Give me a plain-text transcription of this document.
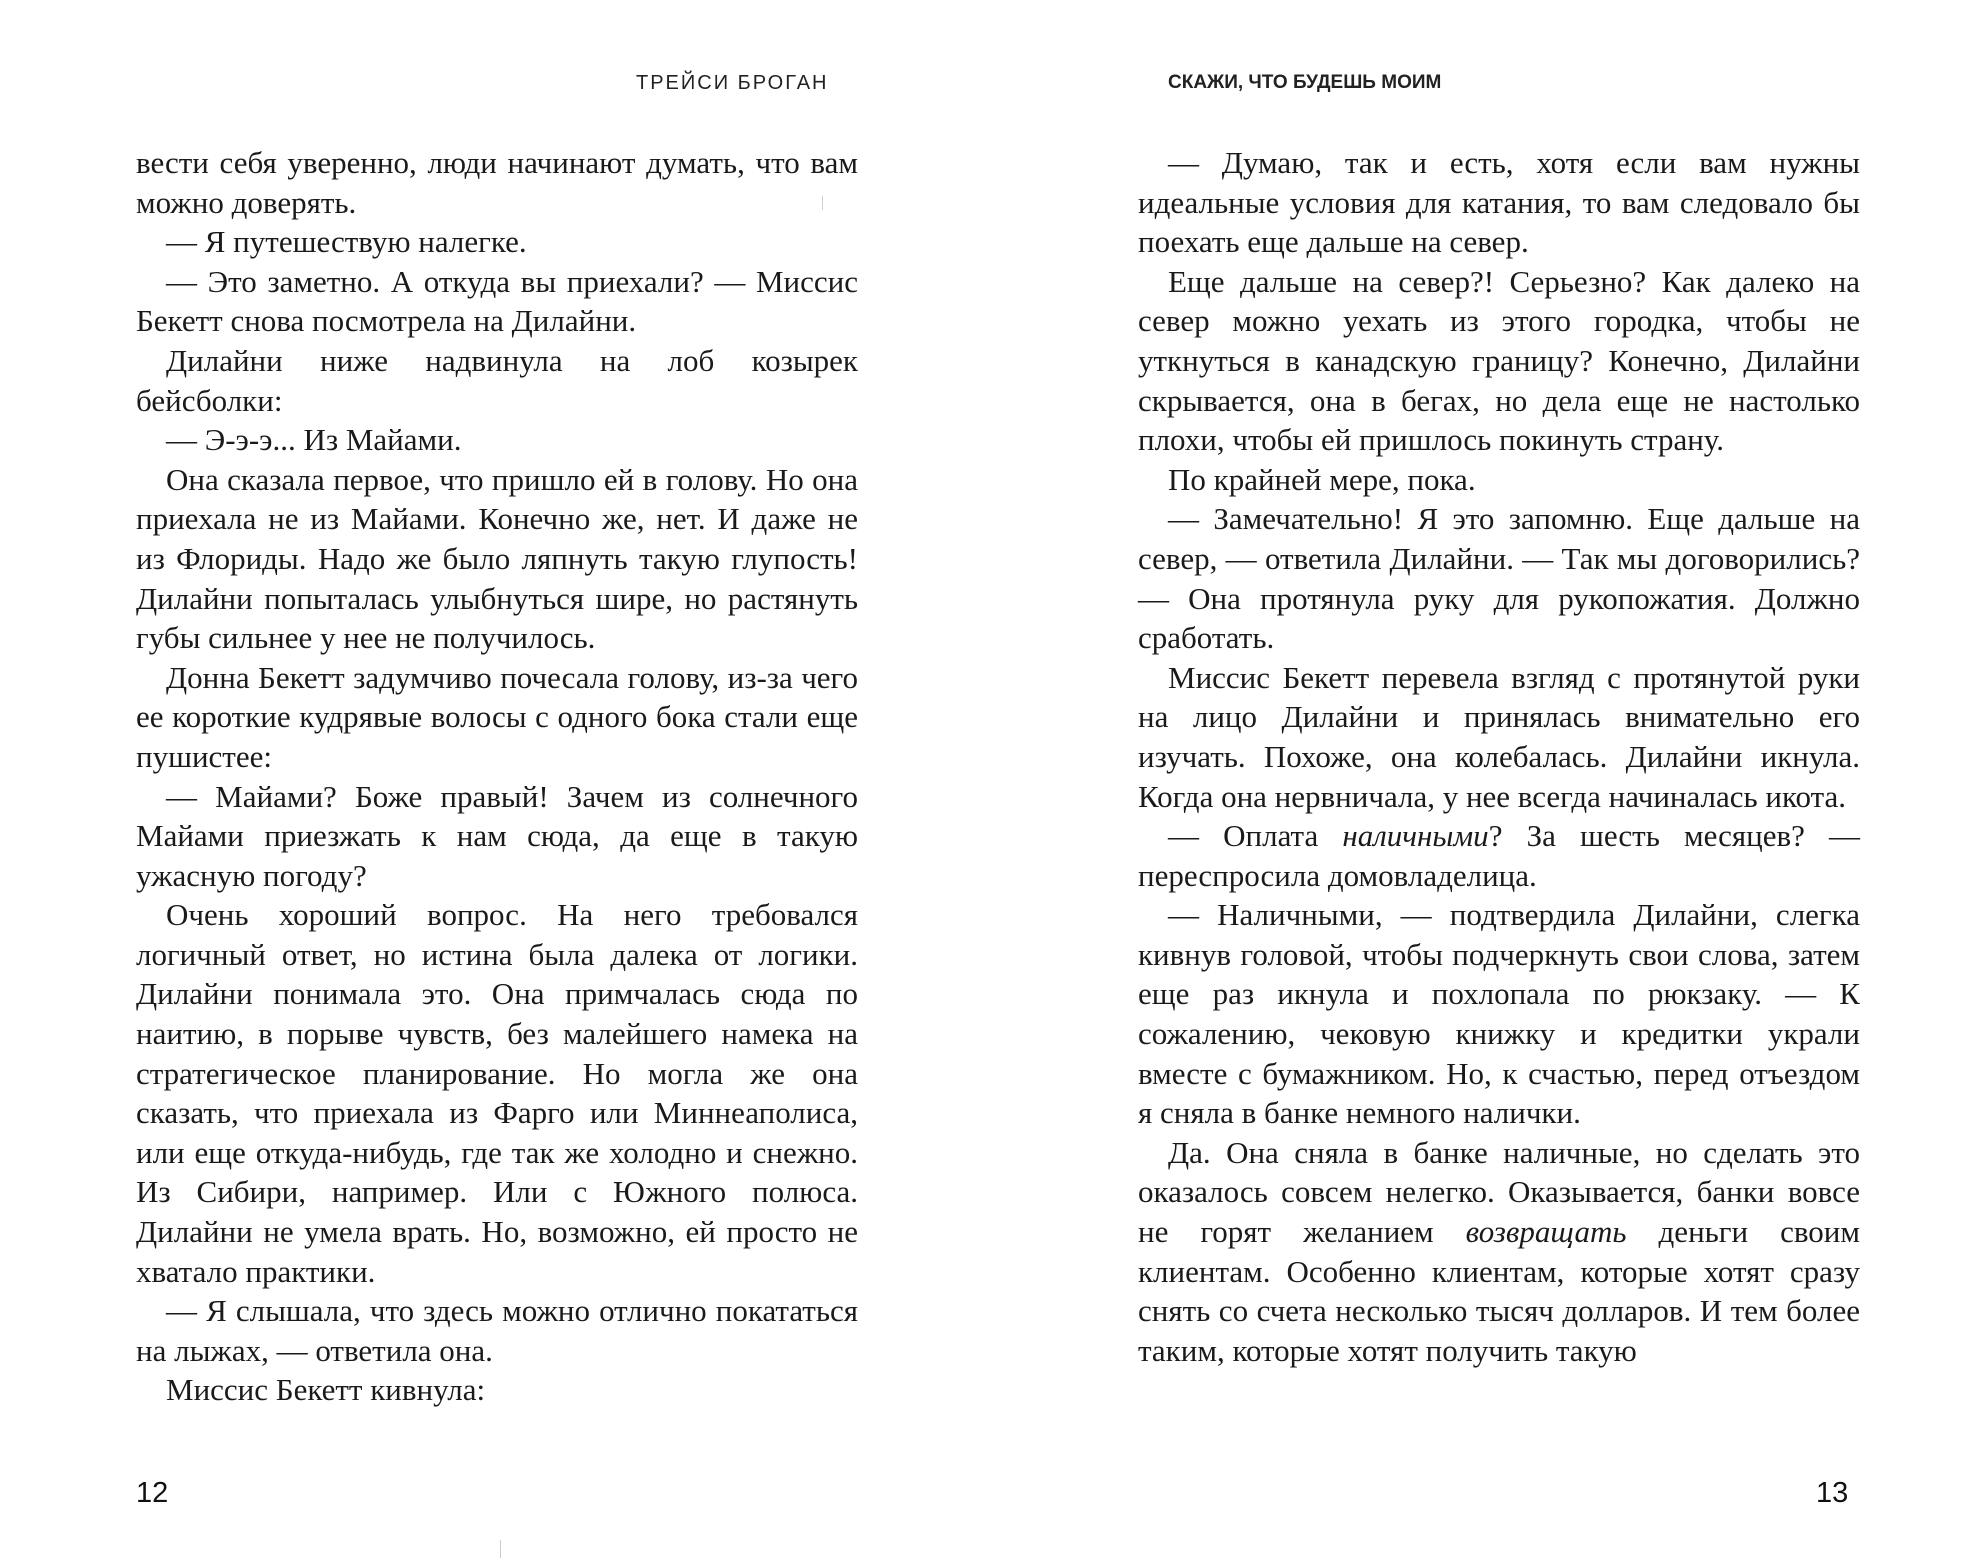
ТРЕЙСИ БРОГАН

вести себя уверенно, люди начинают думать, что вам можно доверять.

— Я путешествую налегке.

— Это заметно. А откуда вы приехали? — Миссис Бекетт снова посмотрела на Дилайни.

Дилайни ниже надвинула на лоб козырек бейсболки:

— Э-э-э... Из Майами.

Она сказала первое, что пришло ей в голову. Но она приехала не из Майами. Конечно же, нет. И даже не из Флориды. Надо же было ляпнуть такую глупость! Дилайни попыталась улыбнуться шире, но растянуть губы сильнее у нее не получилось.

Донна Бекетт задумчиво почесала голову, из-за чего ее короткие кудрявые волосы с одного бока стали еще пушистее:

— Майами? Боже правый! Зачем из солнечного Майами приезжать к нам сюда, да еще в такую ужасную погоду?

Очень хороший вопрос. На него требовался логичный ответ, но истина была далека от логики. Дилайни понимала это. Она примчалась сюда по наитию, в порыве чувств, без малейшего намека на стратегическое планирование. Но могла же она сказать, что приехала из Фарго или Миннеаполиса, или еще откуда-нибудь, где так же холодно и снежно. Из Сибири, например. Или с Южного полюса. Дилайни не умела врать. Но, возможно, ей просто не хватало практики.

— Я слышала, что здесь можно отлично покататься на лыжах, — ответила она.

Миссис Бекетт кивнула:

12
СКАЖИ, ЧТО БУДЕШЬ МОИМ

— Думаю, так и есть, хотя если вам нужны идеальные условия для катания, то вам следовало бы поехать еще дальше на север.

Еще дальше на север?! Серьезно? Как далеко на север можно уехать из этого городка, чтобы не уткнуться в канадскую границу? Конечно, Дилайни скрывается, она в бегах, но дела еще не настолько плохи, чтобы ей пришлось покинуть страну.

По крайней мере, пока.

— Замечательно! Я это запомню. Еще дальше на север, — ответила Дилайни. — Так мы договорились? — Она протянула руку для рукопожатия. Должно сработать.

Миссис Бекетт перевела взгляд с протянутой руки на лицо Дилайни и принялась внимательно его изучать. Похоже, она колебалась. Дилайни икнула. Когда она нервничала, у нее всегда начиналась икота.

— Оплата наличными? За шесть месяцев? — переспросила домовладелица.

— Наличными, — подтвердила Дилайни, слегка кивнув головой, чтобы подчеркнуть свои слова, затем еще раз икнула и похлопала по рюкзаку. — К сожалению, чековую книжку и кредитки украли вместе с бумажником. Но, к счастью, перед отъездом я сняла в банке немного налички.

Да. Она сняла в банке наличные, но сделать это оказалось совсем нелегко. Оказывается, банки вовсе не горят желанием возвращать деньги своим клиентам. Особенно клиентам, которые хотят сразу снять со счета несколько тысяч долларов. И тем более таким, которые хотят получить такую

13
